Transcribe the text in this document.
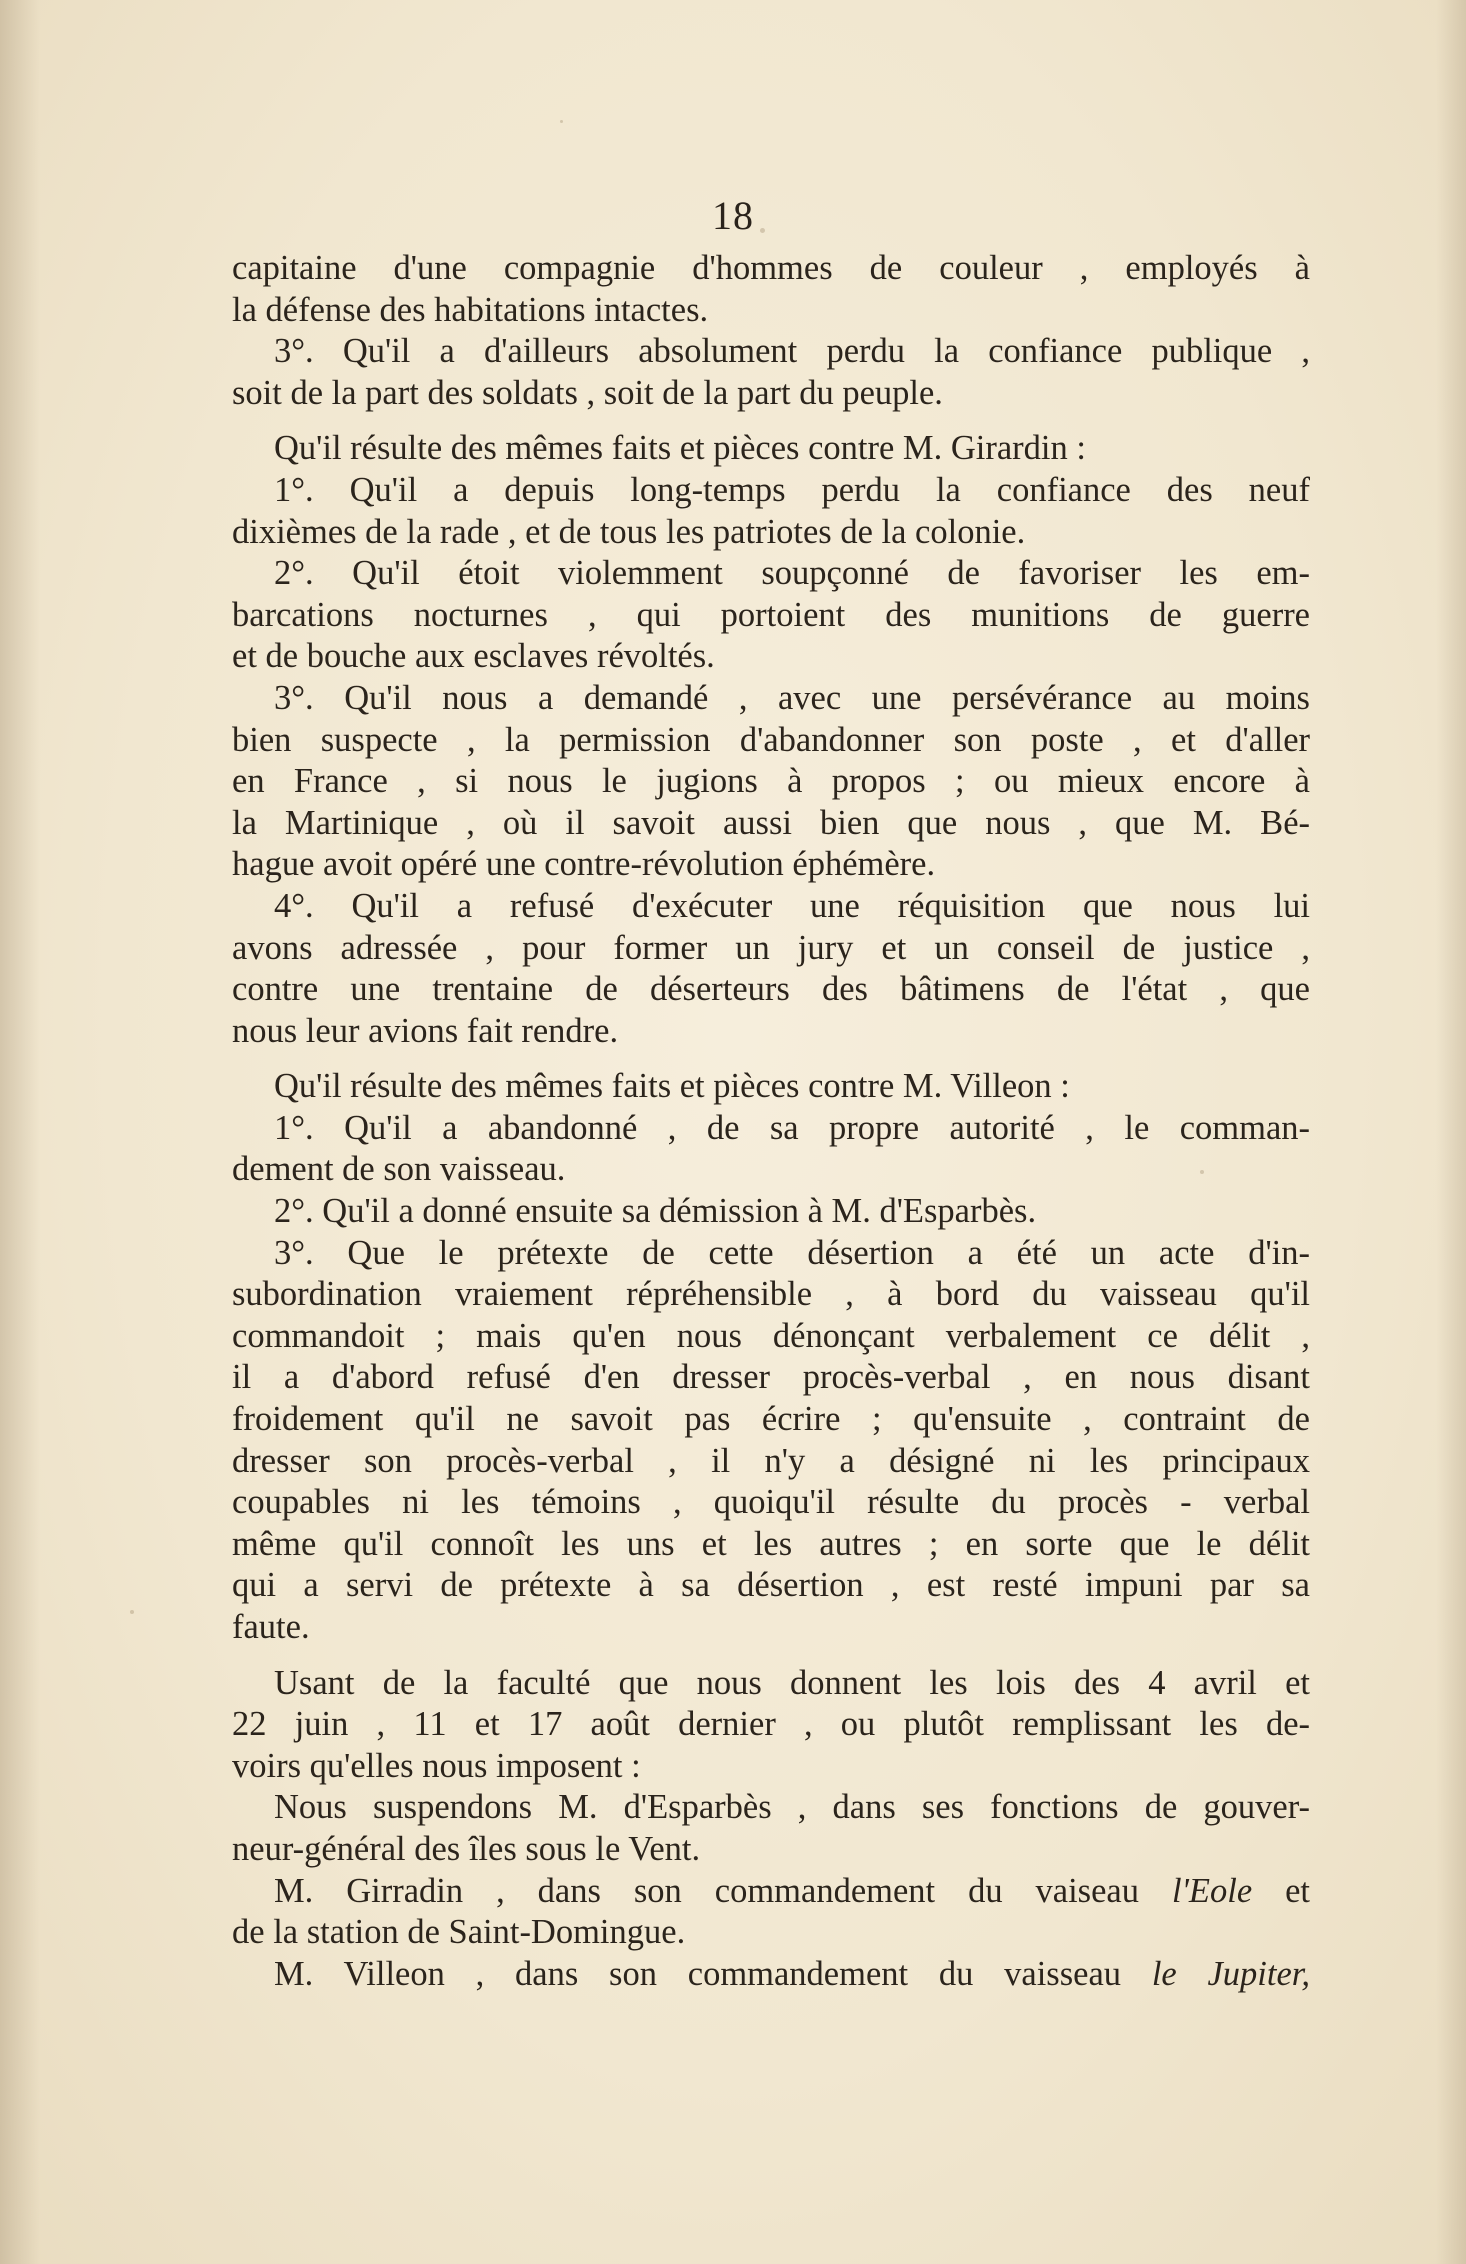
18
capitaine d'une compagnie d'hommes de couleur , employés à
la défense des habitations intactes.
3°. Qu'il a d'ailleurs absolument perdu la confiance publique ,
soit de la part des soldats , soit de la part du peuple.
Qu'il résulte des mêmes faits et pièces contre M. Girardin :
1°. Qu'il a depuis long-temps perdu la confiance des neuf
dixièmes de la rade , et de tous les patriotes de la colonie.
2°. Qu'il étoit violemment soupçonné de favoriser les em-
barcations nocturnes , qui portoient des munitions de guerre
et de bouche aux esclaves révoltés.
3°. Qu'il nous a demandé , avec une persévérance au moins
bien suspecte , la permission d'abandonner son poste , et d'aller
en France , si nous le jugions à propos ; ou mieux encore à
la Martinique , où il savoit aussi bien que nous , que M. Bé-
hague avoit opéré une contre-révolution éphémère.
4°. Qu'il a refusé d'exécuter une réquisition que nous lui
avons adressée , pour former un jury et un conseil de justice ,
contre une trentaine de déserteurs des bâtimens de l'état , que
nous leur avions fait rendre.
Qu'il résulte des mêmes faits et pièces contre M. Villeon :
1°. Qu'il a abandonné , de sa propre autorité , le comman-
dement de son vaisseau.
2°. Qu'il a donné ensuite sa démission à M. d'Esparbès.
3°. Que le prétexte de cette désertion a été un acte d'in-
subordination vraiement répréhensible , à bord du vaisseau qu'il
commandoit ; mais qu'en nous dénonçant verbalement ce délit ,
il a d'abord refusé d'en dresser procès-verbal , en nous disant
froidement qu'il ne savoit pas écrire ; qu'ensuite , contraint de
dresser son procès-verbal , il n'y a désigné ni les principaux
coupables ni les témoins , quoiqu'il résulte du procès - verbal
même qu'il connoît les uns et les autres ; en sorte que le délit
qui a servi de prétexte à sa désertion , est resté impuni par sa
faute.
Usant de la faculté que nous donnent les lois des 4 avril et
22 juin , 11 et 17 août dernier , ou plutôt remplissant les de-
voirs qu'elles nous imposent :
Nous suspendons M. d'Esparbès , dans ses fonctions de gouver-
neur-général des îles sous le Vent.
M. Girradin , dans son commandement du vaiseau l'Eole et
de la station de Saint-Domingue.
M. Villeon , dans son commandement du vaisseau le Jupiter,
